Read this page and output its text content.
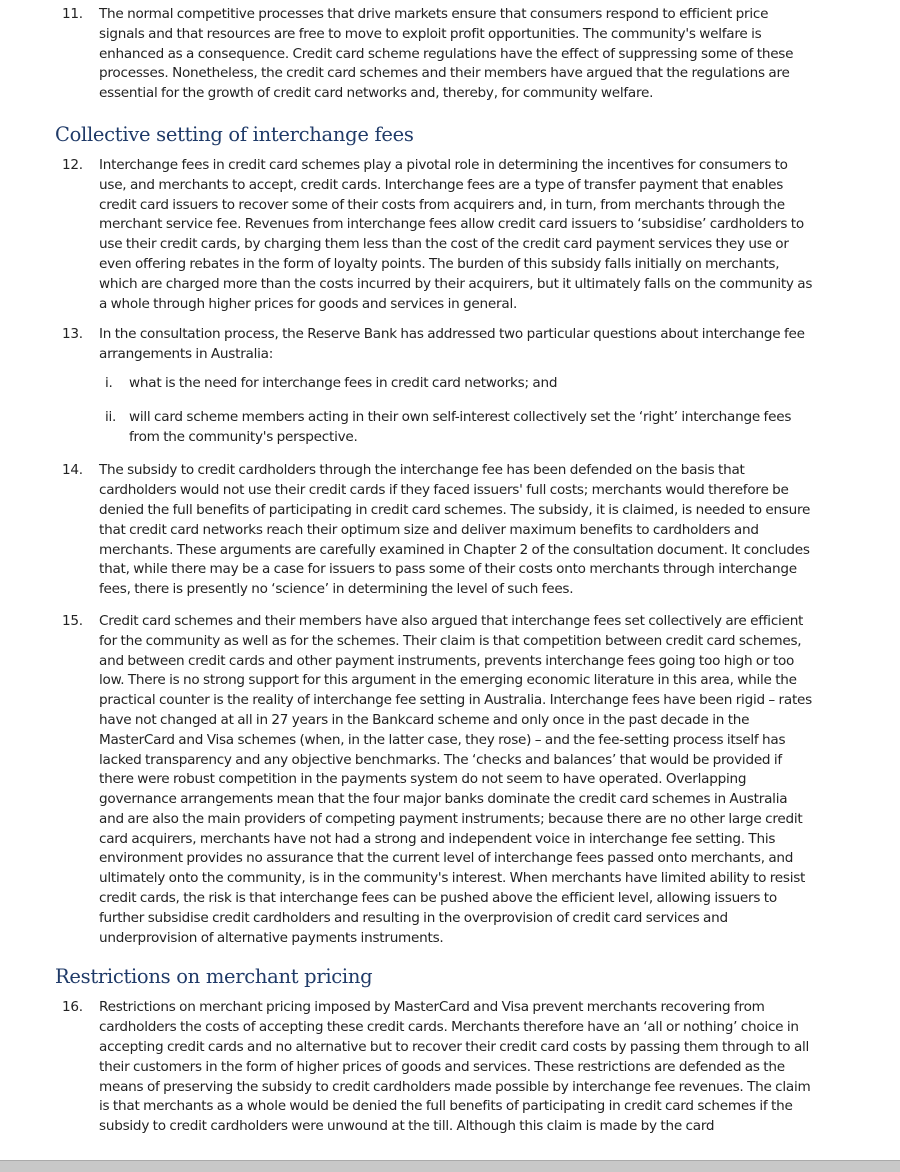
11. The normal competitive processes that drive markets ensure that consumers respond to efficient price signals and that resources are free to move to exploit profit opportunities. The community's welfare is enhanced as a consequence. Credit card scheme regulations have the effect of suppressing some of these processes. Nonetheless, the credit card schemes and their members have argued that the regulations are essential for the growth of credit card networks and, thereby, for community welfare.
Collective setting of interchange fees
12. Interchange fees in credit card schemes play a pivotal role in determining the incentives for consumers to use, and merchants to accept, credit cards. Interchange fees are a type of transfer payment that enables credit card issuers to recover some of their costs from acquirers and, in turn, from merchants through the merchant service fee. Revenues from interchange fees allow credit card issuers to ‘subsidise’ cardholders to use their credit cards, by charging them less than the cost of the credit card payment services they use or even offering rebates in the form of loyalty points. The burden of this subsidy falls initially on merchants, which are charged more than the costs incurred by their acquirers, but it ultimately falls on the community as a whole through higher prices for goods and services in general.
13. In the consultation process, the Reserve Bank has addressed two particular questions about interchange fee arrangements in Australia:
i. what is the need for interchange fees in credit card networks; and
ii. will card scheme members acting in their own self-interest collectively set the ‘right’ interchange fees from the community's perspective.
14. The subsidy to credit cardholders through the interchange fee has been defended on the basis that cardholders would not use their credit cards if they faced issuers' full costs; merchants would therefore be denied the full benefits of participating in credit card schemes. The subsidy, it is claimed, is needed to ensure that credit card networks reach their optimum size and deliver maximum benefits to cardholders and merchants. These arguments are carefully examined in Chapter 2 of the consultation document. It concludes that, while there may be a case for issuers to pass some of their costs onto merchants through interchange fees, there is presently no ‘science’ in determining the level of such fees.
15. Credit card schemes and their members have also argued that interchange fees set collectively are efficient for the community as well as for the schemes. Their claim is that competition between credit card schemes, and between credit cards and other payment instruments, prevents interchange fees going too high or too low. There is no strong support for this argument in the emerging economic literature in this area, while the practical counter is the reality of interchange fee setting in Australia. Interchange fees have been rigid – rates have not changed at all in 27 years in the Bankcard scheme and only once in the past decade in the MasterCard and Visa schemes (when, in the latter case, they rose) – and the fee-setting process itself has lacked transparency and any objective benchmarks. The ‘checks and balances’ that would be provided if there were robust competition in the payments system do not seem to have operated. Overlapping governance arrangements mean that the four major banks dominate the credit card schemes in Australia and are also the main providers of competing payment instruments; because there are no other large credit card acquirers, merchants have not had a strong and independent voice in interchange fee setting. This environment provides no assurance that the current level of interchange fees passed onto merchants, and ultimately onto the community, is in the community's interest. When merchants have limited ability to resist credit cards, the risk is that interchange fees can be pushed above the efficient level, allowing issuers to further subsidise credit cardholders and resulting in the overprovision of credit card services and underprovision of alternative payments instruments.
Restrictions on merchant pricing
16. Restrictions on merchant pricing imposed by MasterCard and Visa prevent merchants recovering from cardholders the costs of accepting these credit cards. Merchants therefore have an ‘all or nothing’ choice in accepting credit cards and no alternative but to recover their credit card costs by passing them through to all their customers in the form of higher prices of goods and services. These restrictions are defended as the means of preserving the subsidy to credit cardholders made possible by interchange fee revenues. The claim is that merchants as a whole would be denied the full benefits of participating in credit card schemes if the subsidy to credit cardholders were unwound at the till. Although this claim is made by the card
